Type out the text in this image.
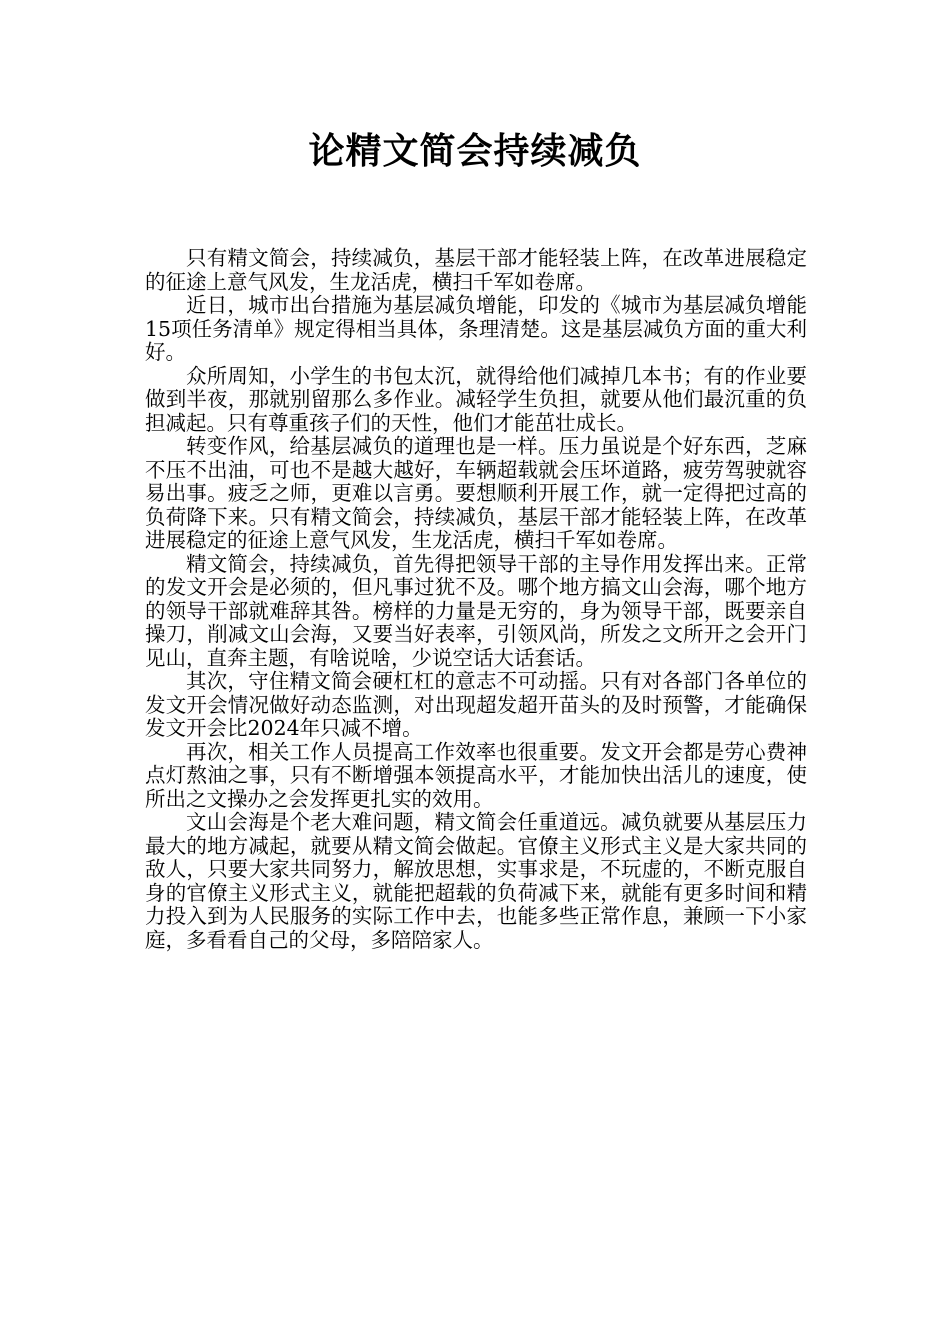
论精文简会持续减负

只有精文简会，持续减负，基层干部才能轻装上阵，在改革进展稳定的征途上意气风发，生龙活虎，横扫千军如卷席。

近日，城市出台措施为基层减负增能，印发的《城市为基层减负增能15项任务清单》规定得相当具体，条理清楚。这是基层减负方面的重大利好。

众所周知，小学生的书包太沉，就得给他们减掉几本书；有的作业要做到半夜，那就别留那么多作业。减轻学生负担，就要从他们最沉重的负担减起。只有尊重孩子们的天性，他们才能茁壮成长。

转变作风，给基层减负的道理也是一样。压力虽说是个好东西，芝麻不压不出油，可也不是越大越好，车辆超载就会压坏道路，疲劳驾驶就容易出事。疲乏之师，更难以言勇。要想顺利开展工作，就一定得把过高的负荷降下来。只有精文简会，持续减负，基层干部才能轻装上阵，在改革进展稳定的征途上意气风发，生龙活虎，横扫千军如卷席。

精文简会，持续减负，首先得把领导干部的主导作用发挥出来。正常的发文开会是必须的，但凡事过犹不及。哪个地方搞文山会海，哪个地方的领导干部就难辞其咎。榜样的力量是无穷的，身为领导干部，既要亲自操刀，削减文山会海，又要当好表率，引领风尚，所发之文所开之会开门见山，直奔主题，有啥说啥，少说空话大话套话。

其次，守住精文简会硬杠杠的意志不可动摇。只有对各部门各单位的发文开会情况做好动态监测，对出现超发超开苗头的及时预警，才能确保发文开会比2024年只减不增。

再次，相关工作人员提高工作效率也很重要。发文开会都是劳心费神点灯熬油之事，只有不断增强本领提高水平，才能加快出活儿的速度，使所出之文操办之会发挥更扎实的效用。

文山会海是个老大难问题，精文简会任重道远。减负就要从基层压力最大的地方减起，就要从精文简会做起。官僚主义形式主义是大家共同的敌人，只要大家共同努力，解放思想，实事求是，不玩虚的，不断克服自身的官僚主义形式主义，就能把超载的负荷减下来，就能有更多时间和精力投入到为人民服务的实际工作中去，也能多些正常作息，兼顾一下小家庭，多看看自己的父母，多陪陪家人。
